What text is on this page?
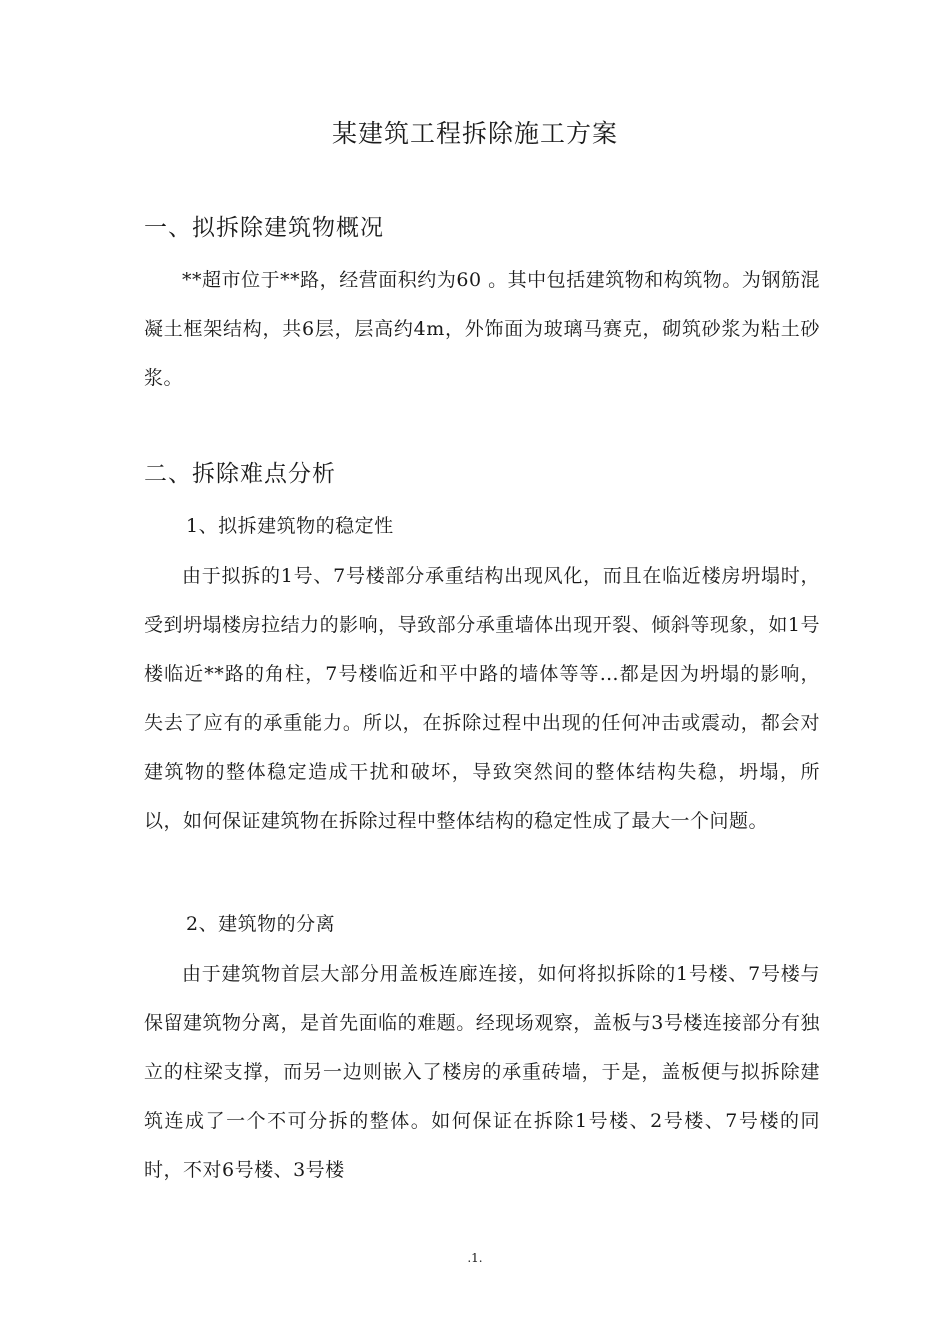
某建筑工程拆除施工方案
一、拟拆除建筑物概况
**超市位于**路，经营面积约为60 。其中包括建筑物和构筑物。为钢筋混凝土框架结构，共6层，层高约4m，外饰面为玻璃马赛克，砌筑砂浆为粘土砂浆。
二、拆除难点分析
1、拟拆建筑物的稳定性
由于拟拆的1号、7号楼部分承重结构出现风化，而且在临近楼房坍塌时，受到坍塌楼房拉结力的影响，导致部分承重墙体出现开裂、倾斜等现象，如1号楼临近**路的角柱，7号楼临近和平中路的墙体等等…都是因为坍塌的影响，失去了应有的承重能力。所以，在拆除过程中出现的任何冲击或震动，都会对建筑物的整体稳定造成干扰和破坏，导致突然间的整体结构失稳，坍塌，所以，如何保证建筑物在拆除过程中整体结构的稳定性成了最大一个问题。
2、建筑物的分离
由于建筑物首层大部分用盖板连廊连接，如何将拟拆除的1号楼、7号楼与保留建筑物分离，是首先面临的难题。经现场观察，盖板与3号楼连接部分有独立的柱梁支撑，而另一边则嵌入了楼房的承重砖墙，于是，盖板便与拟拆除建筑连成了一个不可分拆的整体。如何保证在拆除1号楼、2号楼、7号楼的同时，不对6号楼、3号楼
.1.
